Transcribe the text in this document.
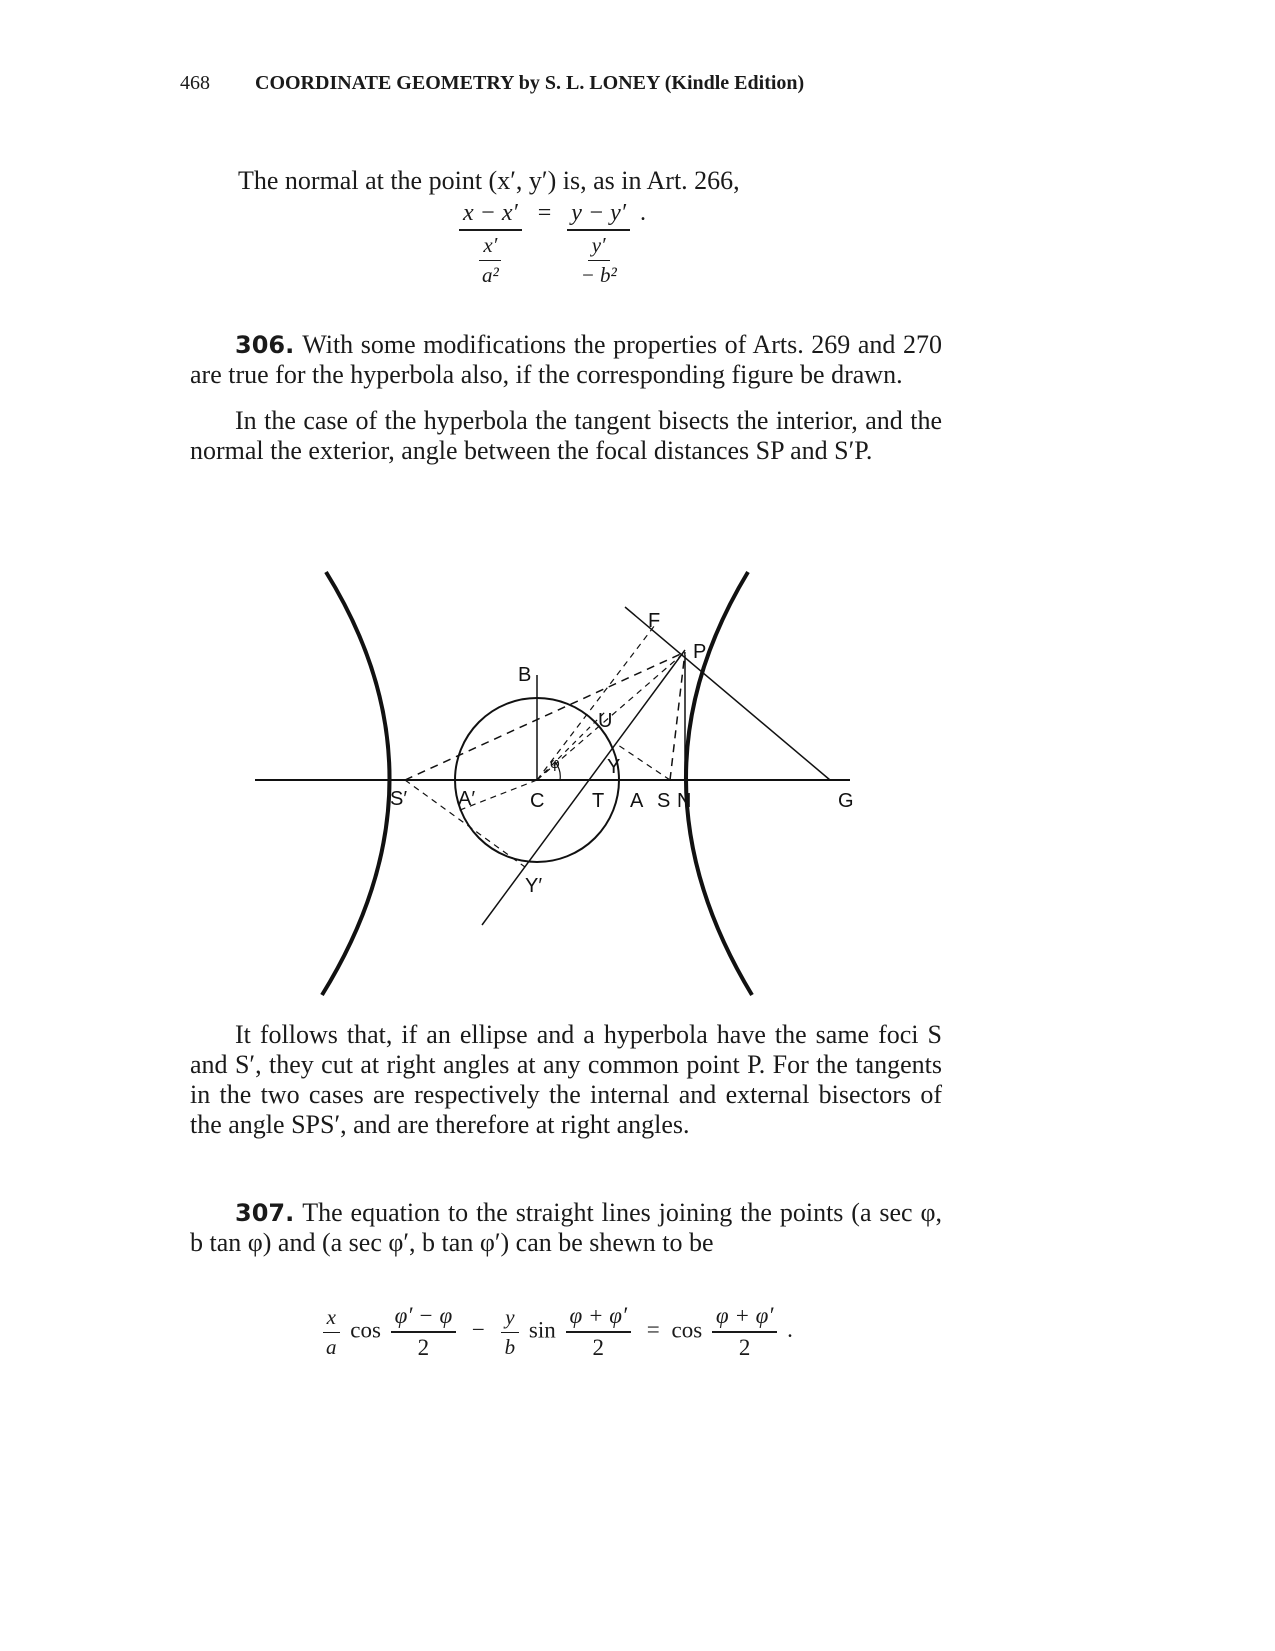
468 COORDINATE GEOMETRY by S. L. LONEY (Kindle Edition)
The normal at the point (x′, y′) is, as in Art. 266,
$\frac{x - x'}{\frac{x'}{\text{a²}}} = \frac{y - y'}{\frac{y'}{\text{− b²}}}$ .

306. With some modifications the properties of Arts. 269 and 270 are true for the hyperbola also, if the corresponding figure be drawn.

In the case of the hyperbola the tangent bisects the interior, and the normal the exterior, angle between the focal distances SP and S′P.

F
P
B
U
φ Y
S′	A′	C T A S N	G
Y′

It follows that, if an ellipse and a hyperbola have the same foci S and S′, they cut at right angles at any common point P. For the tangents in the two cases are respectively the internal and external bisectors of the angle SPS′, and are therefore at right angles.

307. The equation to the straight lines joining the points (a sec φ, b tan φ) and (a sec φ′, b tan φ′) can be shewn to be

$\frac{x}{a}$ $\cos \frac{\varphi' - \varphi}{2} - \frac{y}{b}$ $\sin \frac{\varphi + \varphi'}{2} = \cos \frac{\varphi + \varphi'}{2}$ .
